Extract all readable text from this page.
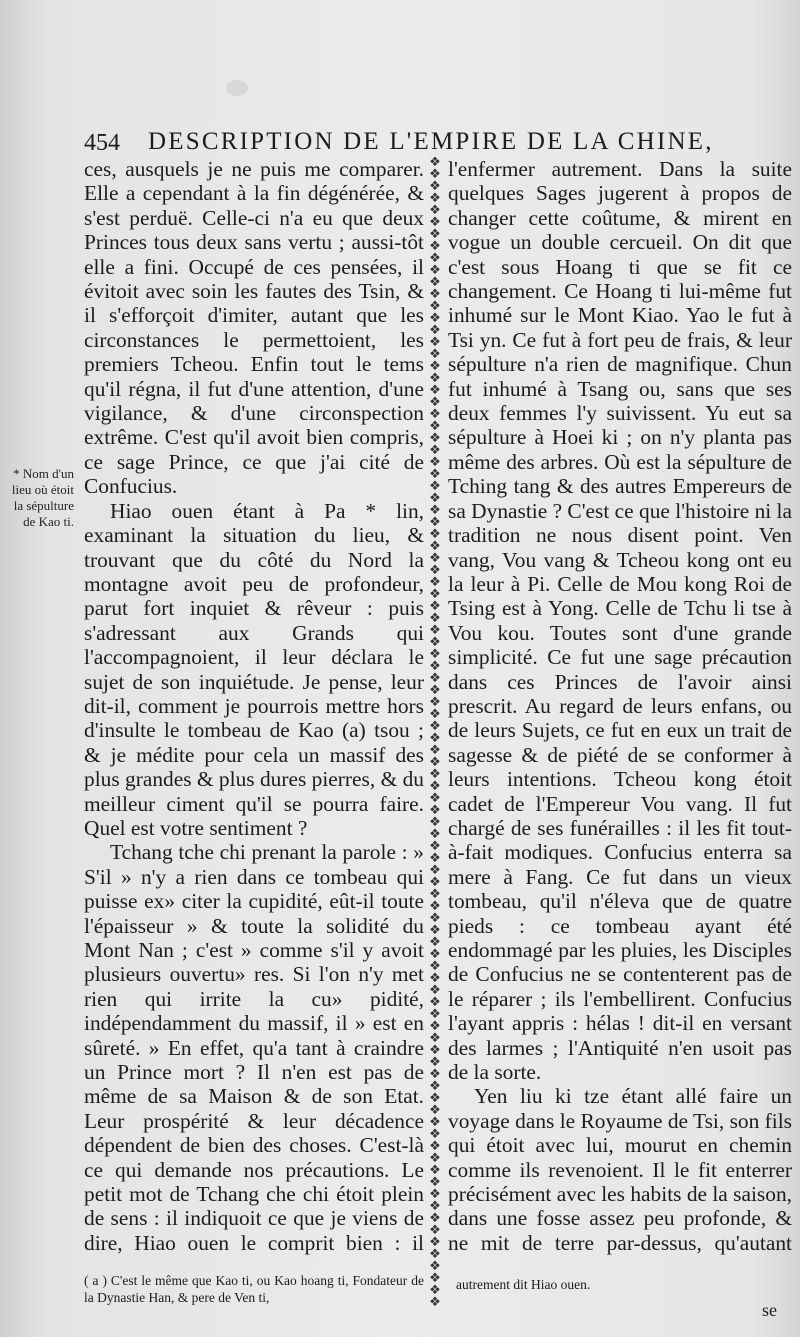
454 DESCRIPTION DE L'EMPIRE DE LA CHINE,
* Nom d'un lieu où étoit la sépulture de Kao ti.

ces, ausquels je ne puis me comparer. Elle a cependant à la fin dégénérée, & s'est perduë. Celle-ci n'a eu que deux Princes tous deux sans vertu ; aussi-tôt elle a fini. Occupé de ces pensées, il évitoit avec soin les fautes des Tsin, & il s'efforçoit d'imiter, autant que les circonstances le permettoient, les premiers Tcheou. Enfin tout le tems qu'il régna, il fut d'une attention, d'une vigilance, & d'une circonspection extrême. C'est qu'il avoit bien compris, ce sage Prince, ce que j'ai cité de Confucius.

Hiao ouen étant à Pa * lin, examinant la situation du lieu, & trouvant que du côté du Nord la montagne avoit peu de profondeur, parut fort inquiet & rêveur : puis s'adressant aux Grands qui l'accompagnoient, il leur déclara le sujet de son inquiétude. Je pense, leur dit-il, comment je pourrois mettre hors d'insulte le tombeau de Kao (a) tsou ; & je médite pour cela un massif des plus grandes & plus dures pierres, & du meilleur ciment qu'il se pourra faire. Quel est votre sentiment ?

Tchang tche chi prenant la parole : » S'il » n'y a rien dans ce tombeau qui puisse ex» citer la cupidité, eût-il toute l'épaisseur » & toute la solidité du Mont Nan ; c'est » comme s'il y avoit plusieurs ouvertu» res. Si l'on n'y met rien qui irrite la cu» pidité, indépendamment du massif, il » est en sûreté. » En effet, qu'a tant à craindre un Prince mort ? Il n'en est pas de même de sa Maison & de son Etat. Leur prospérité & leur décadence dépendent de bien des choses. C'est-là ce qui demande nos précautions. Le petit mot de Tchang che chi étoit plein de sens : il indiquoit ce que je viens de dire, Hiao ouen le comprit bien : il

❖
❖
❖
❖
❖
❖
❖
❖
❖
❖
❖
❖
❖
❖
❖
❖
❖
❖
❖
❖
❖
❖
❖
❖
❖
❖
❖
❖
❖
❖
❖
❖
❖
❖
❖
❖
❖
❖
❖
❖
❖
❖
❖
❖
❖
❖
❖
❖
❖
❖
❖
❖
❖
❖
❖
❖
❖
❖
❖
❖
❖
❖
❖
❖
❖
❖
❖
❖
❖
❖
❖
❖
❖
❖
❖
❖
❖
❖
❖
❖
❖
❖
❖
❖
❖
❖
❖
❖
❖
❖
❖
❖
❖
❖
❖
❖

l'enfermer autrement. Dans la suite quelques Sages jugerent à propos de changer cette coûtume, & mirent en vogue un double cercueil. On dit que c'est sous Hoang ti que se fit ce changement. Ce Hoang ti lui-même fut inhumé sur le Mont Kiao. Yao le fut à Tsi yn. Ce fut à fort peu de frais, & leur sépulture n'a rien de magnifique. Chun fut inhumé à Tsang ou, sans que ses deux femmes l'y suivissent. Yu eut sa sépulture à Hoei ki ; on n'y planta pas même des arbres. Où est la sépulture de Tching tang & des autres Empereurs de sa Dynastie ? C'est ce que l'histoire ni la tradition ne nous disent point. Ven vang, Vou vang & Tcheou kong ont eu la leur à Pi. Celle de Mou kong Roi de Tsing est à Yong. Celle de Tchu li tse à Vou kou. Toutes sont d'une grande simplicité. Ce fut une sage précaution dans ces Princes de l'avoir ainsi prescrit. Au regard de leurs enfans, ou de leurs Sujets, ce fut en eux un trait de sagesse & de piété de se conformer à leurs intentions. Tcheou kong étoit cadet de l'Empereur Vou vang. Il fut chargé de ses funérailles : il les fit tout-à-fait modiques. Confucius enterra sa mere à Fang. Ce fut dans un vieux tombeau, qu'il n'éleva que de quatre pieds : ce tombeau ayant été endommagé par les pluies, les Disciples de Confucius ne se contenterent pas de le réparer ; ils l'embellirent. Confucius l'ayant appris : hélas ! dit-il en versant des larmes ; l'Antiquité n'en usoit pas de la sorte.

Yen liu ki tze étant allé faire un voyage dans le Royaume de Tsi, son fils qui étoit avec lui, mourut en chemin comme ils revenoient. Il le fit enterrer précisément avec les habits de la saison, dans une fosse assez peu profonde, & ne mit de terre par-dessus, qu'autant

( a ) C'est le même que Kao ti, ou Kao hoang ti, Fondateur de la Dynastie Han, & pere de Ven ti,
autrement dit Hiao ouen.
se
